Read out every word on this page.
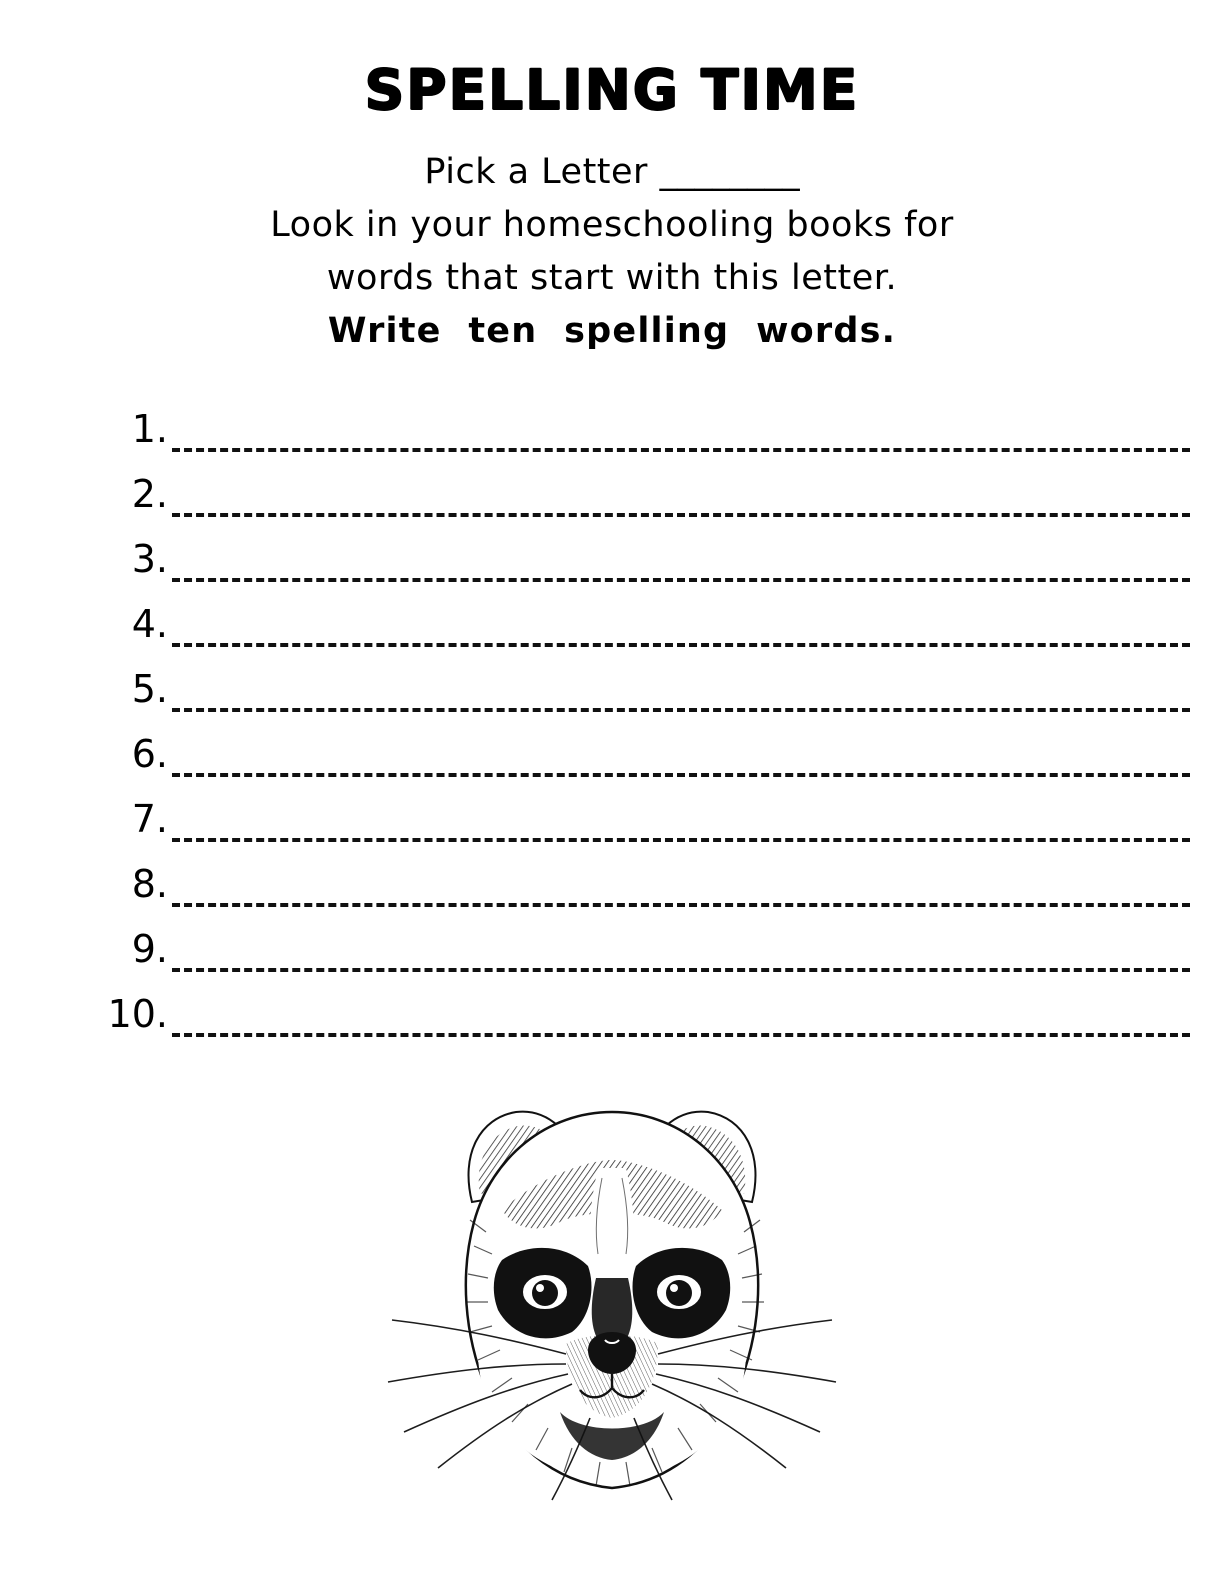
SPELLING TIME
Pick a Letter ________
Look in your homeschooling books for
words that start with this letter.
Write  ten  spelling  words.
1.
2.
3.
4.
5.
6.
7.
8.
9.
10.
